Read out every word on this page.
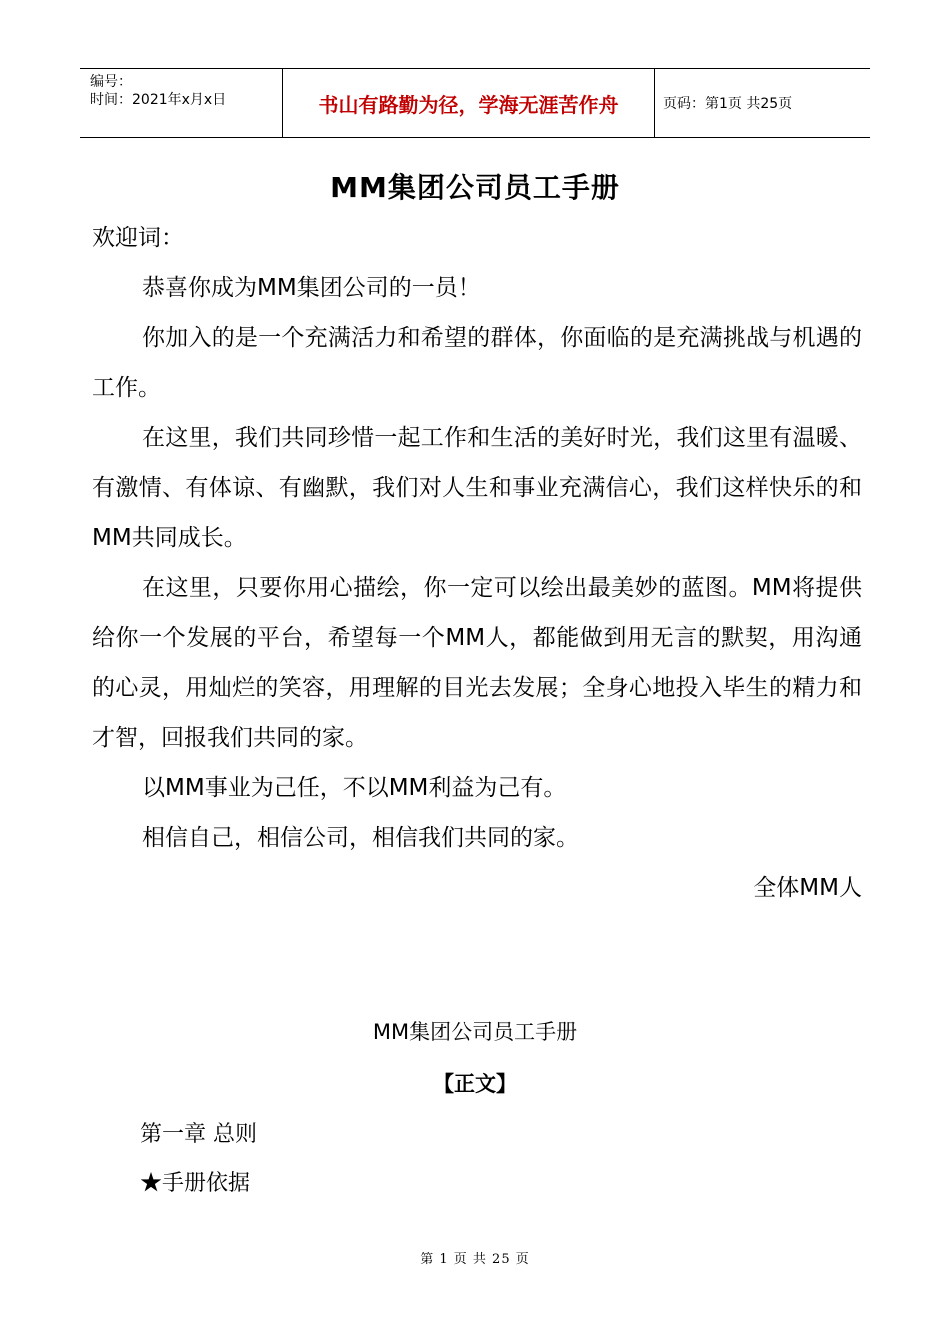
编号：
时间：2021年x月x日	书山有路勤为径，学海无涯苦作舟	页码：第1页 共25页
MM集团公司员工手册

欢迎词：

恭喜你成为MM集团公司的一员！

你加入的是一个充满活力和希望的群体，你面临的是充满挑战与机遇的工作。

在这里，我们共同珍惜一起工作和生活的美好时光，我们这里有温暖、有激情、有体谅、有幽默，我们对人生和事业充满信心，我们这样快乐的和MM共同成长。

在这里，只要你用心描绘，你一定可以绘出最美妙的蓝图。MM将提供给你一个发展的平台，希望每一个MM人，都能做到用无言的默契，用沟通的心灵，用灿烂的笑容，用理解的目光去发展；全身心地投入毕生的精力和才智，回报我们共同的家。

以MM事业为己任，不以MM利益为己有。

相信自己，相信公司，相信我们共同的家。

全体MM人

MM集团公司员工手册
【正文】
第一章 总则
★手册依据
第 1 页 共 25 页
